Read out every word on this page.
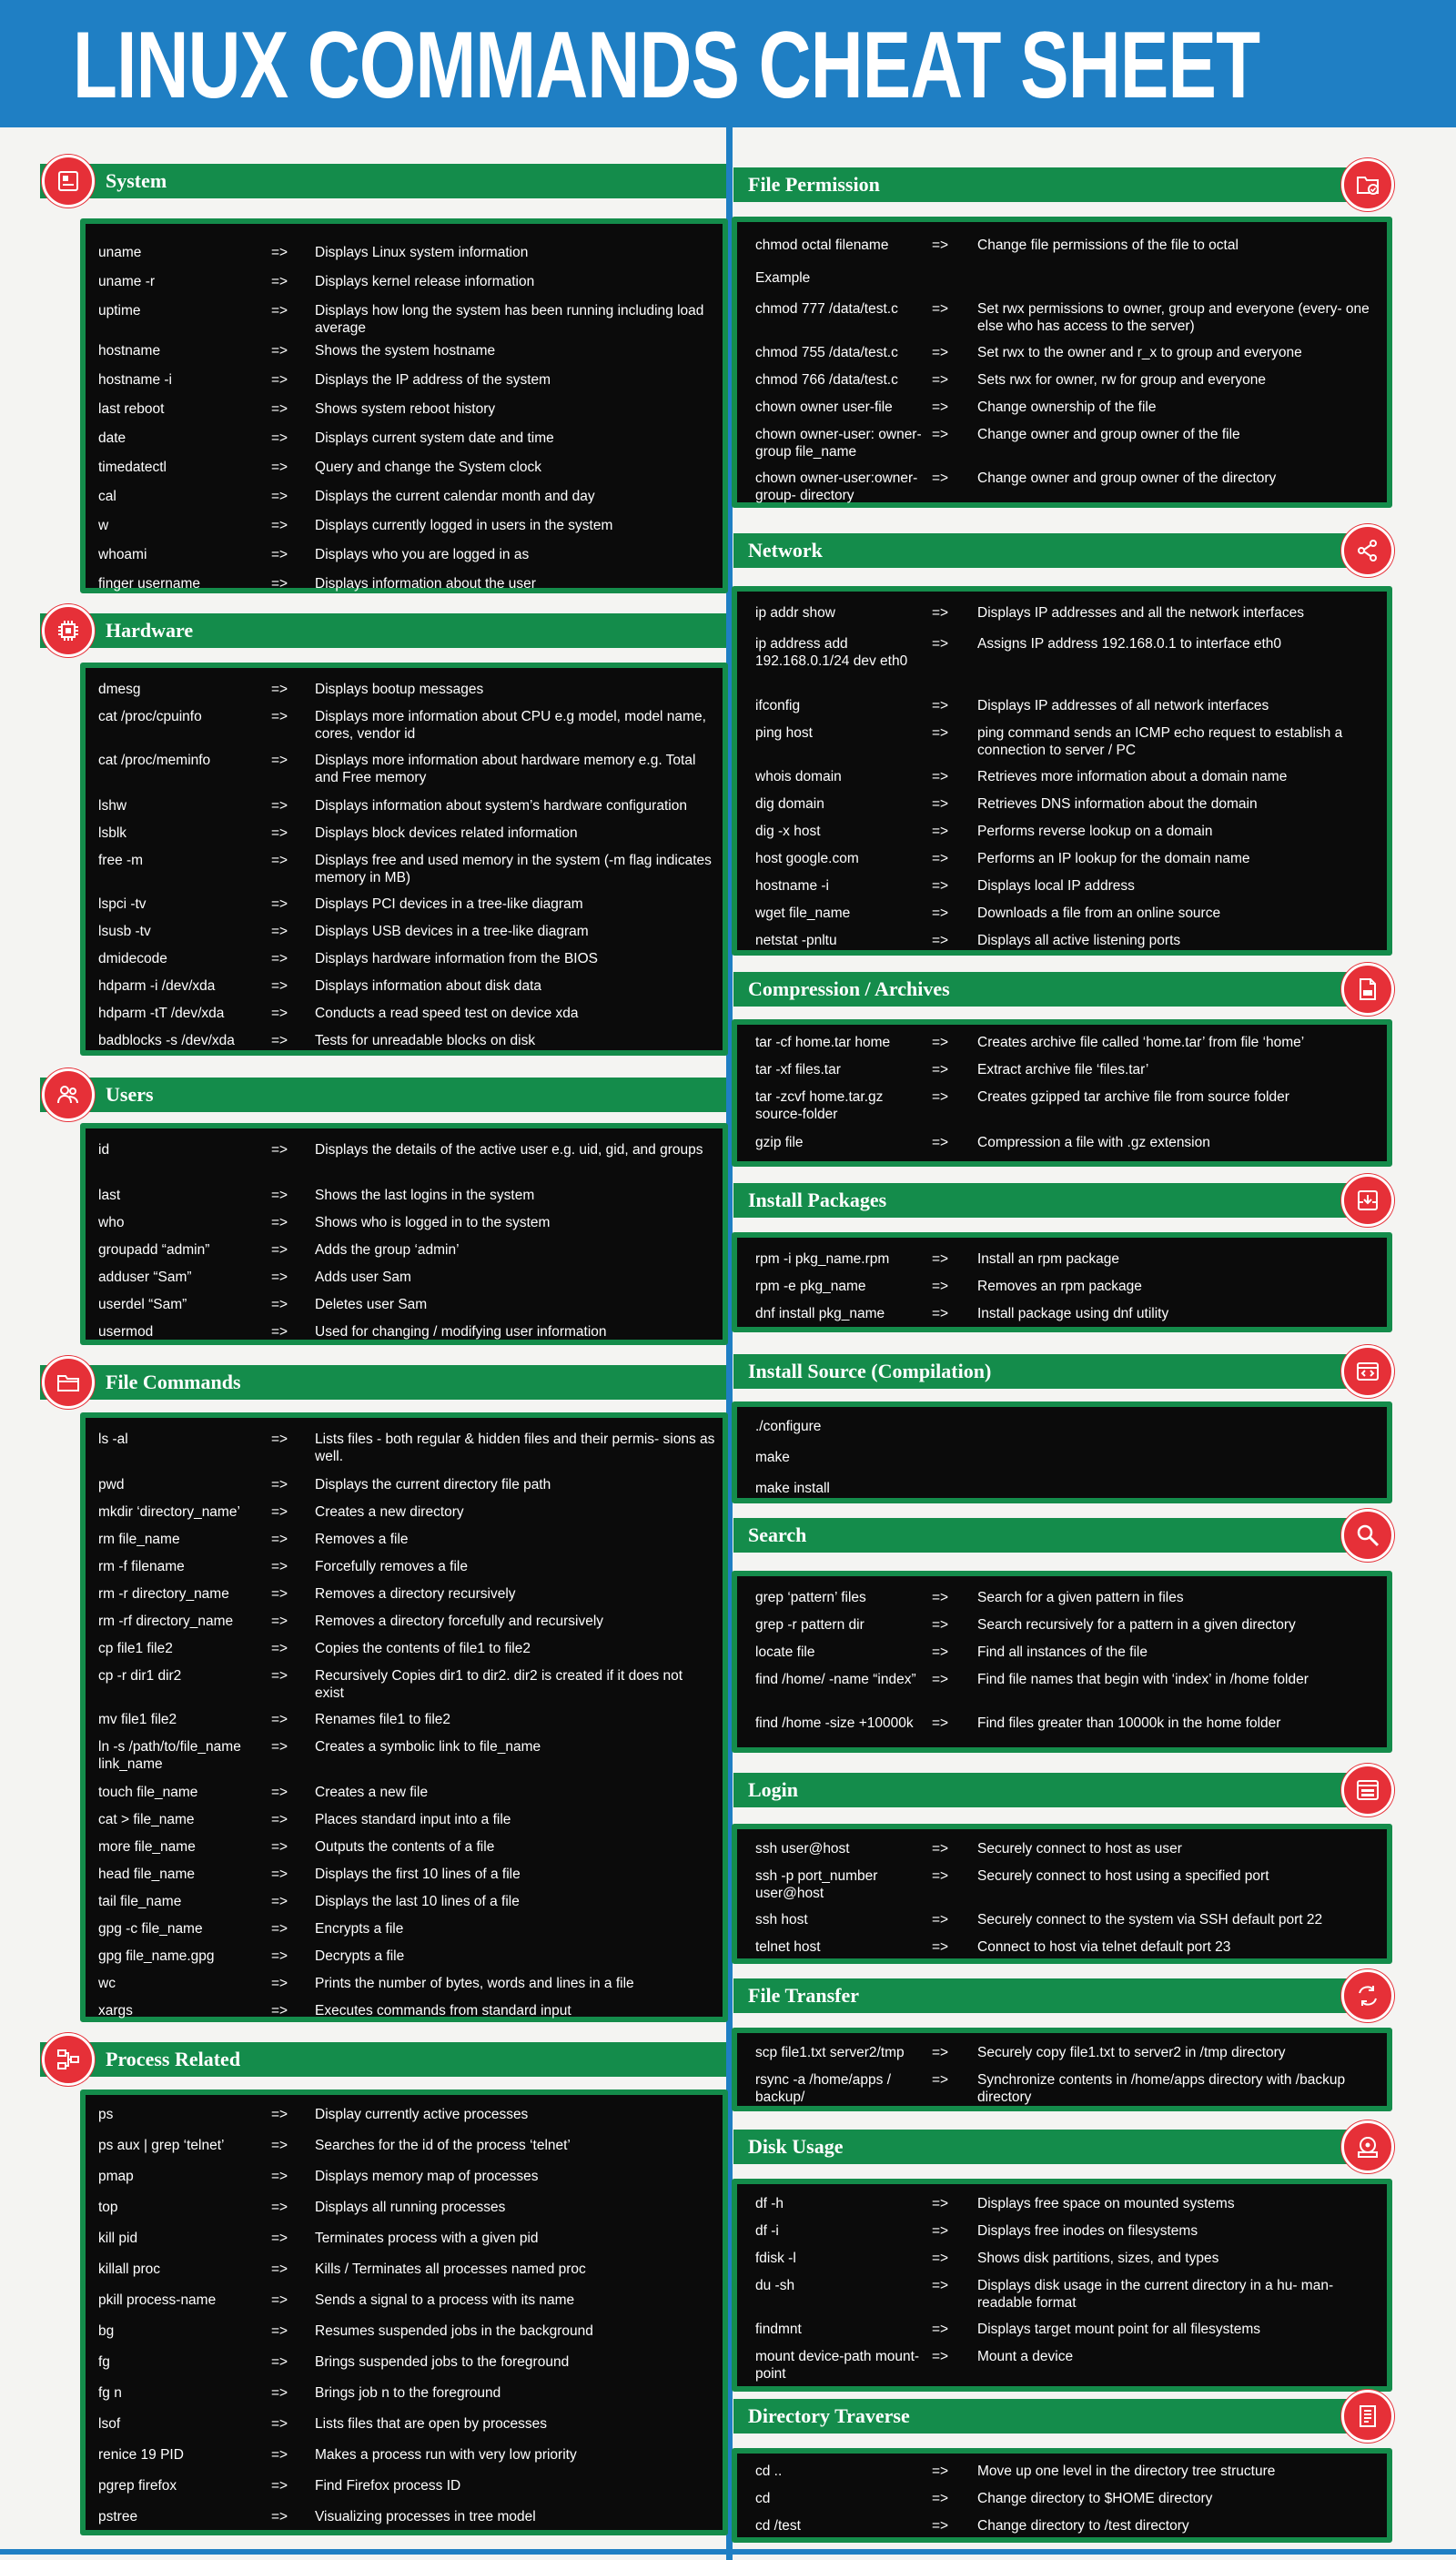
LINUX COMMANDS CHEAT SHEET
System
uname	=> Displays Linux system information
uname -r	=> Displays kernel release information
uptime	=> Displays how long the system has been running including load average
hostname	=> Shows the system hostname
hostname -i	=> Displays the IP address of the system
last reboot	=> Shows system reboot history
date	=> Displays current system date and time
timedatectl	=> Query and change the System clock
cal	=> Displays the current calendar month and day
w	=> Displays currently logged in users in the system
whoami	=> Displays who you are logged in as
finger username	=> Displays information about the user
Hardware
dmesg	=> Displays bootup messages
cat /proc/cpuinfo	=> Displays more information about CPU e.g model, model name, cores, vendor id
cat /proc/meminfo	=> Displays more information about hardware memory e.g. Total and Free memory
lshw	=> Displays information about system’s hardware configuration
lsblk	=> Displays block devices related information
free -m	=> Displays free and used memory in the system (-m flag indicates memory in MB)
lspci -tv	=> Displays PCI devices in a tree-like diagram
lsusb -tv	=> Displays USB devices in a tree-like diagram
dmidecode	=> Displays hardware information from the BIOS
hdparm -i /dev/xda	=> Displays information about disk data
hdparm -tT /dev/xda	=> Conducts a read speed test on device xda
badblocks -s /dev/xda	=> Tests for unreadable blocks on disk
Users
id	=> Displays the details of the active user e.g. uid, gid, and groups
last	=> Shows the last logins in the system
who	=> Shows who is logged in to the system
groupadd “admin”	=> Adds the group ‘admin’
adduser “Sam”	=> Adds user Sam
userdel “Sam”	=> Deletes user Sam
usermod	=> Used for changing / modifying user information
File Commands
ls -al	=> Lists files - both regular & hidden files and their permis- sions as well.
pwd	=> Displays the current directory file path
mkdir ‘directory_name’	=> Creates a new directory
rm file_name	=> Removes a file
rm -f filename	=> Forcefully removes a file
rm -r directory_name	=> Removes a directory recursively
rm -rf directory_name	=> Removes a directory forcefully and recursively
cp file1 file2	=> Copies the contents of file1 to file2
cp -r dir1 dir2	=> Recursively Copies dir1 to dir2. dir2 is created if it does not exist
mv file1 file2	=> Renames file1 to file2
ln -s /path/to/file_name link_name
=> Creates a symbolic link to file_name
touch file_name	=> Creates a new file
cat > file_name	=> Places standard input into a file
more file_name	=> Outputs the contents of a file
head file_name	=> Displays the first 10 lines of a file
tail file_name	=> Displays the last 10 lines of a file
gpg -c file_name	=> Encrypts a file
gpg file_name.gpg	=> Decrypts a file
wc	=> Prints the number of bytes, words and lines in a file
xargs	=> Executes commands from standard input
Process Related
ps	=> Display currently active processes
ps aux | grep ‘telnet’	=> Searches for the id of the process ‘telnet’
pmap	=> Displays memory map of processes
top	=> Displays all running processes
kill pid	=> Terminates process with a given pid
killall proc	=> Kills / Terminates all processes named proc
pkill process-name	=> Sends a signal to a process with its name
bg	=> Resumes suspended jobs in the background
fg	=> Brings suspended jobs to the foreground
fg n	=> Brings job n to the foreground
lsof	=> Lists files that are open by processes
renice 19 PID	=> Makes a process run with very low priority
pgrep firefox	=> Find Firefox process ID
pstree	=> Visualizing processes in tree model
File Permission
chmod octal filename	=> Change file permissions of the file to octal
Example
chmod 777 /data/test.c	=> Set rwx permissions to owner, group and everyone (every- one else who has access to the server)
chmod 755 /data/test.c	=> Set rwx to the owner and r_x to group and everyone
chmod 766 /data/test.c	=> Sets rwx for owner, rw for group and everyone
chown owner user-file	=> Change ownership of the file
chown owner-user: owner-group file_name
=> Change owner and group owner of the file
chown owner-user:owner-group- directory
=> Change owner and group owner of the directory
Network
ip addr show	=> Displays IP addresses and all the network interfaces
ip address add 192.168.0.1/24 dev eth0
=> Assigns IP address 192.168.0.1 to interface eth0
ifconfig	=> Displays IP addresses of all network interfaces
ping host	=> ping command sends an ICMP echo request to establish a connection to server / PC
whois domain	=> Retrieves more information about a domain name
dig domain	=> Retrieves DNS information about the domain
dig -x host	=> Performs reverse lookup on a domain
host google.com	=> Performs an IP lookup for the domain name
hostname -i	=> Displays local IP address
wget file_name	=> Downloads a file from an online source
netstat -pnltu	=> Displays all active listening ports
Compression / Archives
tar -cf home.tar home	=> Creates archive file called ‘home.tar’ from file ‘home’
tar -xf files.tar	=> Extract archive file ‘files.tar’
tar -zcvf home.tar.gz source-folder
=> Creates gzipped tar archive file from source folder
gzip file	=> Compression a file with .gz extension
Install Packages
rpm -i pkg_name.rpm	=> Install an rpm package
rpm -e pkg_name	=> Removes an rpm package
dnf install pkg_name	=> Install package using dnf utility
Install Source (Compilation)
./configure
make
make install
Search
grep ‘pattern’ files	=> Search for a given pattern in files
grep -r pattern dir	=> Search recursively for a pattern in a given directory
locate file	=> Find all instances of the file
find /home/ -name “index”	=> Find file names that begin with ‘index’ in /home folder
find /home -size +10000k	=> Find files greater than 10000k in the home folder
Login
ssh user@host	=> Securely connect to host as user
ssh -p port_number user@host
=> Securely connect to host using a specified port
ssh host	=> Securely connect to the system via SSH default port 22
telnet host	=> Connect to host via telnet default port 23
File Transfer
scp file1.txt server2/tmp	=> Securely copy file1.txt to server2 in /tmp directory
rsync -a /home/apps / backup/
=> Synchronize contents in /home/apps directory with /backup directory
Disk Usage
df -h	=> Displays free space on mounted systems
df -i	=> Displays free inodes on filesystems
fdisk -l	=> Shows disk partitions, sizes, and types
du -sh	=> Displays disk usage in the current directory in a hu- man-readable format
findmnt	=> Displays target mount point for all filesystems
mount device-path mount-point
=> Mount a device
Directory Traverse
cd ..	=> Move up one level in the directory tree structure
cd	=> Change directory to $HOME directory
cd /test	=> Change directory to /test directory
